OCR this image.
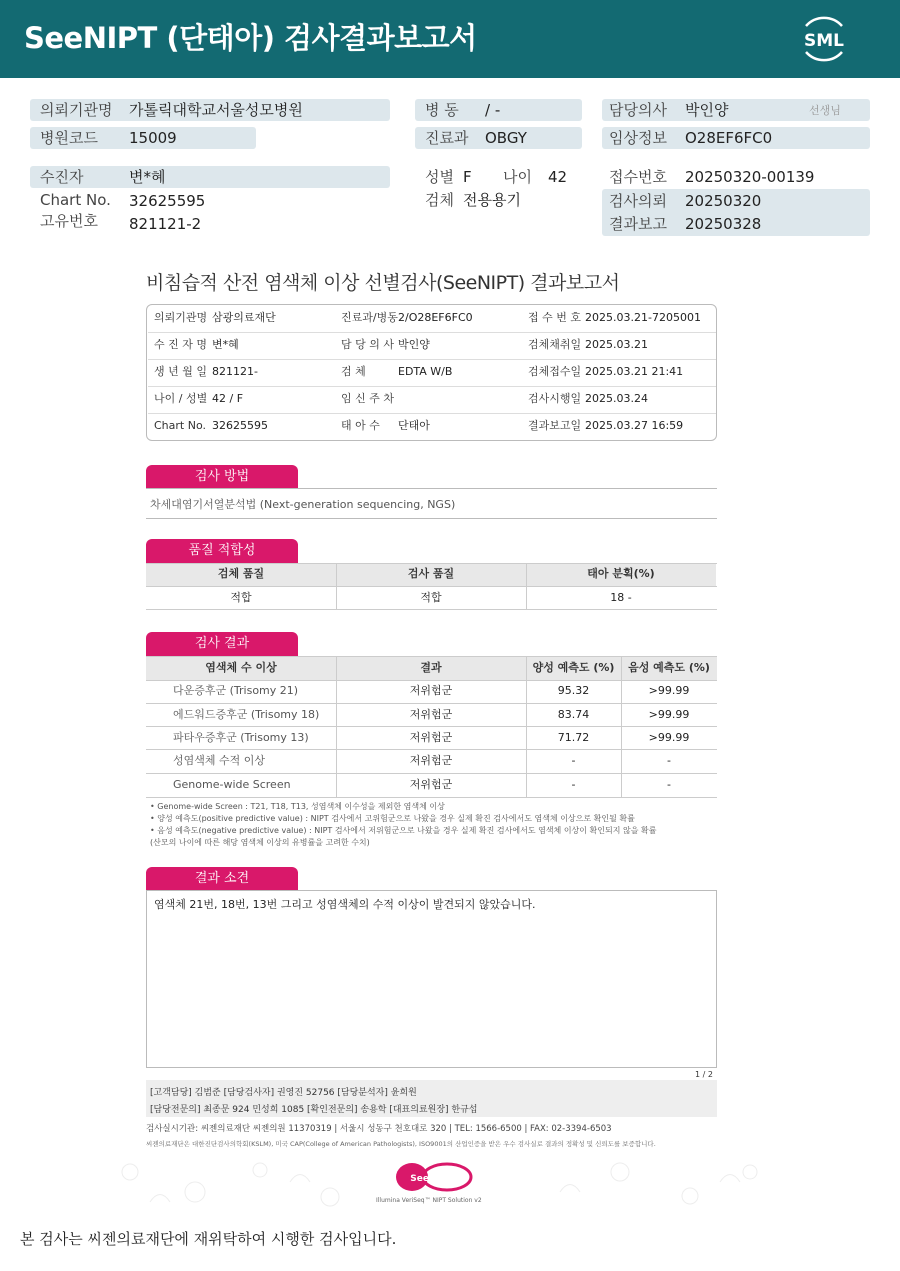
SeeNIPT (단태아) 검사결과보고서	SML
의뢰기관명 가톨릭대학교서울성모병원
병원코드 15009
병 동 / -
진료과 OBGY
담당의사 박인양	선생님
임상정보 O28EF6FC0
수진자	변*혜
Chart No. 32625595
고유번호 821121-2
성별 F 나이 42
검체 전용용기
접수번호 20250320-00139
검사의뢰 20250320
결과보고 20250328
비침습적 산전 염색체 이상 선별검사(SeeNIPT) 결과보고서
의뢰기관명 삼광의료재단	진료과/병동 2/O28EF6FC0	접 수 번 호 2025.03.21-7205001
수 진 자 명 변*혜	담 당 의 사 박인양	검체채취일 2025.03.21
생 년 월 일 821121-	검 체	EDTA W/B	검체접수일 2025.03.21 21:41
나이 / 성별 42 / F	임 신 주 차	검사시행일 2025.03.24
Chart No. 32625595	태 아 수 단태아	결과보고일 2025.03.27 16:59
검사 방법
차세대염기서열분석법 (Next-generation sequencing, NGS)
품질 적합성
검체 품질	검사 품질	태아 분획(%)
적합	적합	18 -
검사 결과
염색체 수 이상	결과	양성 예측도 (%)	음성 예측도 (%)
다운증후군 (Trisomy 21)	저위험군	95.32	>99.99
에드워드증후군 (Trisomy 18)	저위험군	83.74	>99.99
파타우증후군 (Trisomy 13)	저위험군	71.72	>99.99
성염색체 수적 이상	저위험군	-	-
Genome-wide Screen	저위험군	-	-
• Genome-wide Screen : T21, T18, T13, 성염색체 이수성을 제외한 염색체 이상
• 양성 예측도(positive predictive value) : NIPT 검사에서 고위험군으로 나왔을 경우 실제 확진 검사에서도 염색체 이상으로 확인될 확률
• 음성 예측도(negative predictive value) : NIPT 검사에서 저위험군으로 나왔을 경우 실제 확진 검사에서도 염색체 이상이 확인되지 않을 확률
(산모의 나이에 따른 해당 염색체 이상의 유병률을 고려한 수치)
결과 소견
염색체 21번, 18번, 13번 그리고 성염색체의 수적 이상이 발견되지 않았습니다.
1 / 2
[고객담당] 김범준 [담당검사자] 권영진 52756 [담당분석자] 윤희원
[담당전문의] 최종문 924 민성희 1085 [확인전문의] 송용학 [대표의료원장] 한규섭
검사실시기관: 씨젠의료재단 씨젠의원 11370319 | 서울시 성동구 천호대로 320 | TEL: 1566-6500 | FAX: 02-3394-6503
씨젠의료재단은 대한진단검사의학회(KSLM), 미국 CAP(College of American Pathologists), ISO9001의 산업인증을 받은 우수 검사실로 결과의 정확성 및 신뢰도를 보증합니다.
See NIPT
Illumina VeriSeq™ NIPT Solution v2
본 검사는 씨젠의료재단에 재위탁하여 시행한 검사입니다.
